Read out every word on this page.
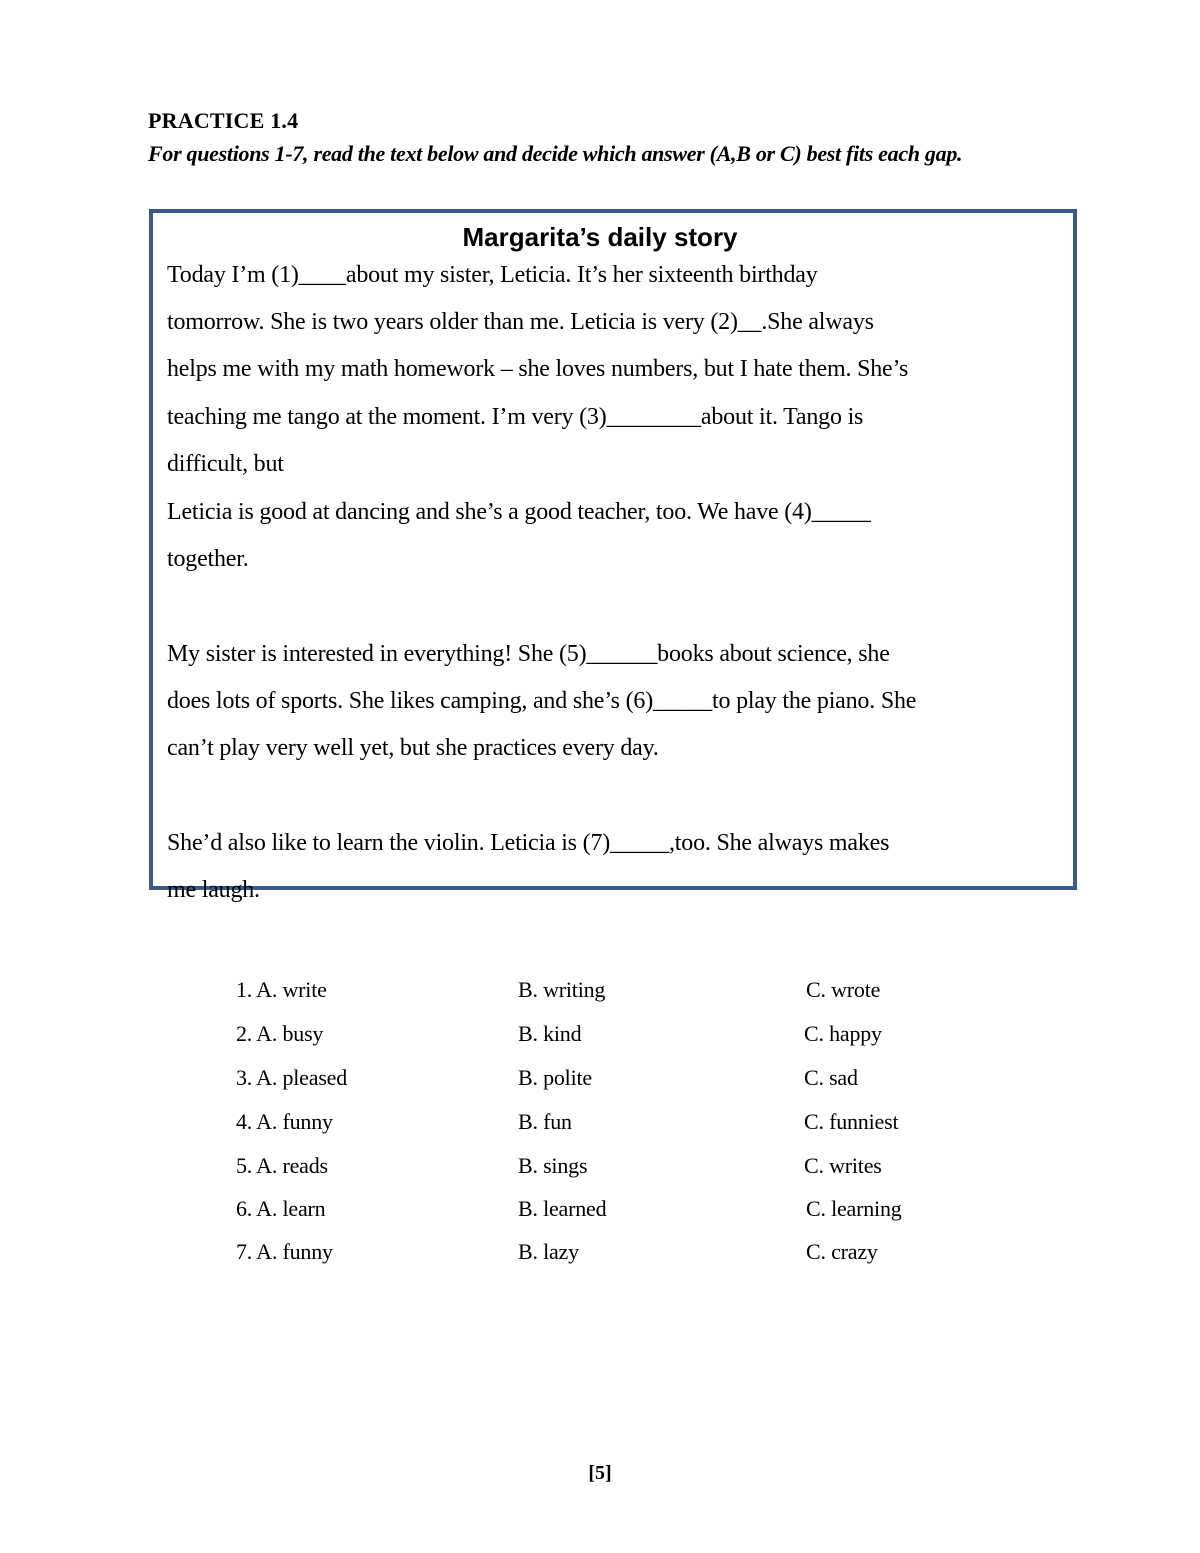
PRACTICE 1.4
For questions 1-7, read the text below and decide which answer (A,B or C) best fits each gap.
Margarita’s daily story
Today I’m (1)____about my sister, Leticia. It’s her sixteenth birthday
tomorrow. She is two years older than me. Leticia is very (2)__.She always
helps me with my math homework – she loves numbers, but I hate them. She’s
teaching me tango at the moment. I’m very (3)________about it. Tango is
difficult, but
Leticia is good at dancing and she’s a good teacher, too. We have (4)_____
together.
My sister is interested in everything! She (5)______books about science, she
does lots of sports. She likes camping, and she’s (6)_____to play the piano. She
can’t play very well yet, but she practices every day.
She’d also like to learn the violin. Leticia is (7)_____,too. She always makes
me laugh.
1. A. write	B. writing	C. wrote
2. A. busy	B. kind	C. happy
3. A. pleased	B. polite	C. sad
4. A. funny	B. fun	C. funniest
5. A. reads	B. sings	C. writes
6. A. learn	B. learned	C. learning
7. A. funny	B. lazy	C. crazy
[5]
